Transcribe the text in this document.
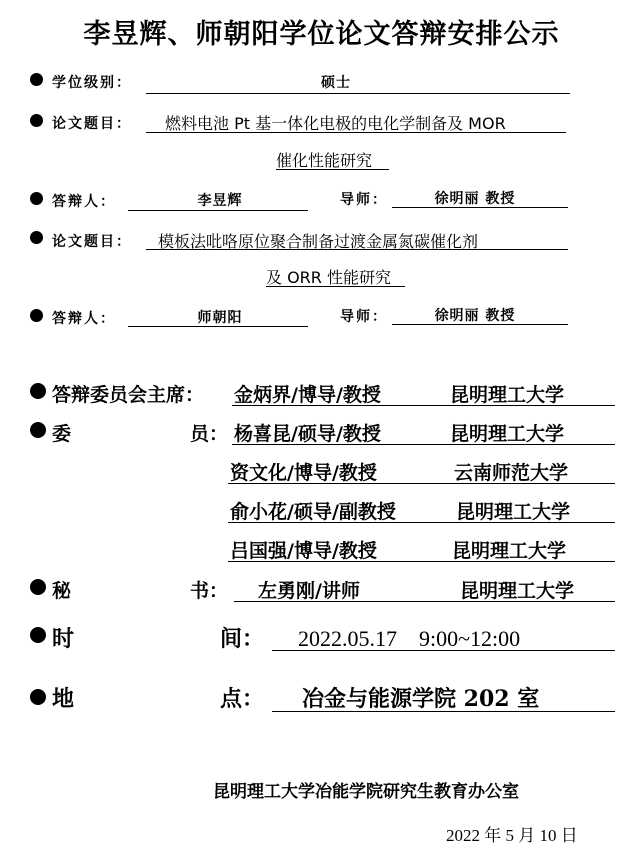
李昱辉、师朝阳学位论文答辩安排公示
学位级别：	硕士
论文题目： 燃料电池 Pt 基一体化电极的电化学制备及 MOR
催化性能研究
答辩人：	李昱辉	导师：	徐明丽 教授
论文题目： 模板法吡咯原位聚合制备过渡金属氮碳催化剂
及 ORR 性能研究
答辩人：	师朝阳	导师：	徐明丽 教授
答辩委员会主席： 金炳界/博导/教授	昆明理工大学
委	员： 杨喜昆/硕导/教授	昆明理工大学
资文化/博导/教授	云南师范大学
俞小花/硕导/副教授	昆明理工大学
吕国强/博导/教授	昆明理工大学
秘	书： 左勇刚/讲师	昆明理工大学
时	间： 2022.05.17　9:00~12:00
地	点： 冶金与能源学院 202 室
昆明理工大学冶能学院研究生教育办公室
2022 年 5 月 10 日
